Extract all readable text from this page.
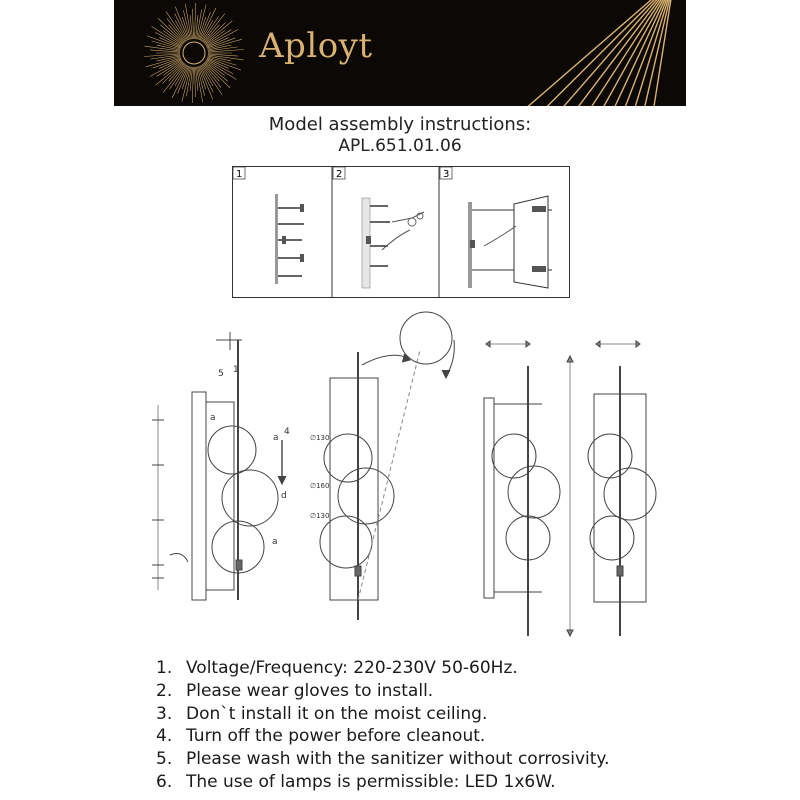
Aployt
Model assembly instructions:
APL.651.01.06
1	2	3
a
a
a
d
4
5 1
∅130
∅160
∅130
1. Voltage/Frequency: 220-230V 50-60Hz.
2. Please wear gloves to install.
3. Don`t install it on the moist ceiling.
4. Turn off the power before cleanout.
5. Please wash with the sanitizer without corrosivity.
6. The use of lamps is permissible: LED 1x6W.
